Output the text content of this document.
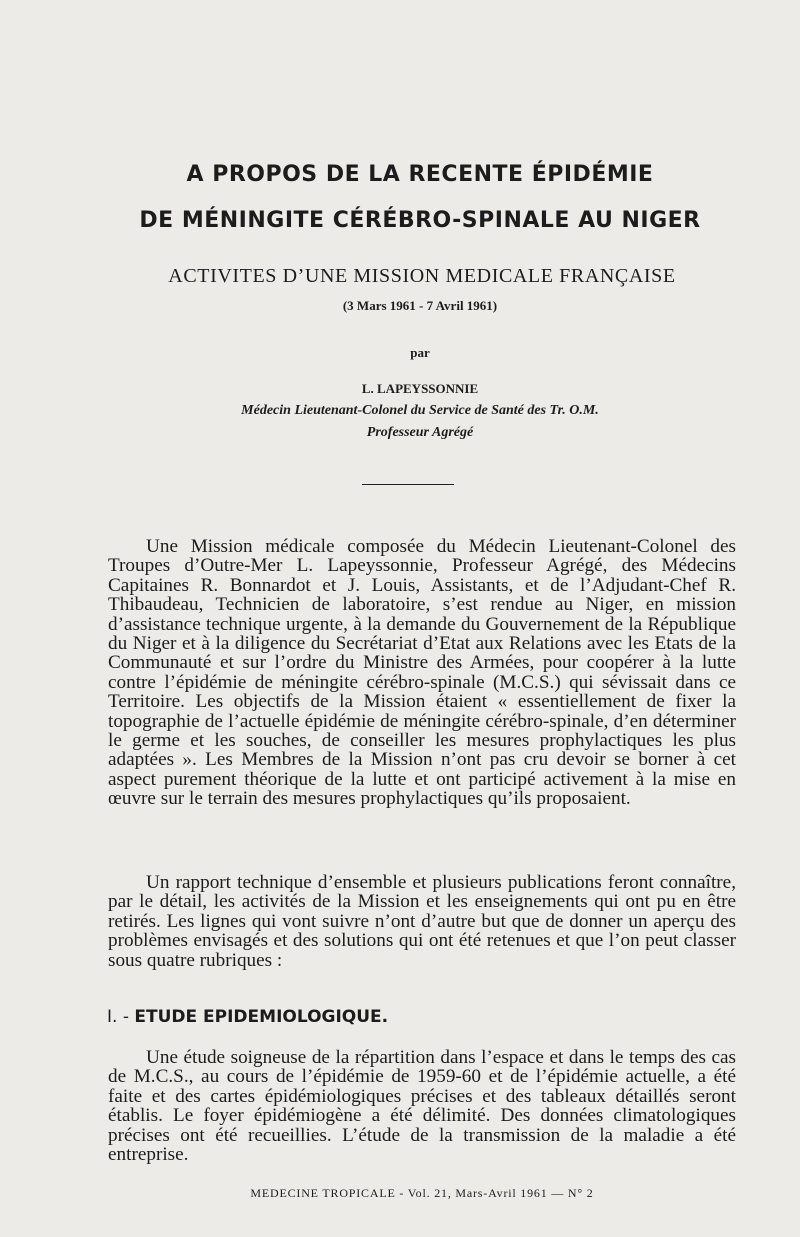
A PROPOS DE LA RECENTE ÉPIDÉMIE
DE MÉNINGITE CÉRÉBRO-SPINALE AU NIGER

ACTIVITES D’UNE MISSION MEDICALE FRANÇAISE

(3 Mars 1961 - 7 Avril 1961)

par

L. LAPEYSSONNIE

Médecin Lieutenant-Colonel du Service de Santé des Tr. O.M.

Professeur Agrégé

Une Mission médicale composée du Médecin Lieutenant-Colonel des Troupes d’Outre-Mer L. Lapeyssonnie, Professeur Agrégé, des Médecins Capitaines R. Bonnardot et J. Louis, Assistants, et de l’Adjudant-Chef R. Thibaudeau, Technicien de laboratoire, s’est rendue au Niger, en mission d’assistance technique urgente, à la demande du Gouvernement de la République du Niger et à la diligence du Secrétariat d’Etat aux Relations avec les Etats de la Communauté et sur l’ordre du Ministre des Armées, pour coopérer à la lutte contre l’épidémie de méningite cérébro-spinale (M.C.S.) qui sévissait dans ce Territoire. Les objectifs de la Mission étaient « essentiellement de fixer la topographie de l’actuelle épidémie de méningite cérébro-spinale, d’en déterminer le germe et les souches, de conseiller les mesures prophylactiques les plus adaptées ». Les Membres de la Mission n’ont pas cru devoir se borner à cet aspect purement théorique de la lutte et ont participé activement à la mise en œuvre sur le terrain des mesures prophylactiques qu’ils proposaient.

Un rapport technique d’ensemble et plusieurs publications feront connaître, par le détail, les activités de la Mission et les enseignements qui ont pu en être retirés. Les lignes qui vont suivre n’ont d’autre but que de donner un aperçu des problèmes envisagés et des solutions qui ont été retenues et que l’on peut classer sous quatre rubriques :

I. - ETUDE EPIDEMIOLOGIQUE.

Une étude soigneuse de la répartition dans l’espace et dans le temps des cas de M.C.S., au cours de l’épidémie de 1959-60 et de l’épidémie actuelle, a été faite et des cartes épidémiologiques précises et des tableaux détaillés seront établis. Le foyer épidémiogène a été délimité. Des données climatologiques précises ont été recueillies. L’étude de la transmission de la maladie a été entreprise.

MEDECINE TROPICALE - Vol. 21, Mars-Avril 1961 — N° 2
